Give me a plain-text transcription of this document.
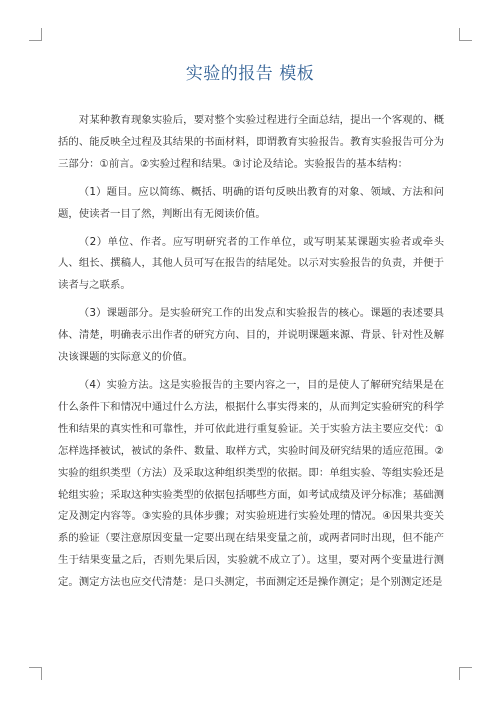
实验的报告 模板

对某种教育现象实验后，要对整个实验过程进行全面总结，提出一个客观的、概括的、能反映全过程及其结果的书面材料，即谓教育实验报告。教育实验报告可分为三部分：①前言。②实验过程和结果。③讨论及结论。实验报告的基本结构：

（1）题目。应以简练、概括、明确的语句反映出教育的对象、领域、方法和问题，使读者一目了然，判断出有无阅读价值。

（2）单位、作者。应写明研究者的工作单位，或写明某某课题实验者或牵头人、组长、撰稿人，其他人员可写在报告的结尾处。以示对实验报告的负责，并便于读者与之联系。

（3）课题部分。是实验研究工作的出发点和实验报告的核心。课题的表述要具体、清楚，明确表示出作者的研究方向、目的，并说明课题来源、背景、针对性及解决该课题的实际意义的价值。

（4）实验方法。这是实验报告的主要内容之一，目的是使人了解研究结果是在什么条件下和情况中通过什么方法，根据什么事实得来的，从而判定实验研究的科学性和结果的真实性和可靠性，并可依此进行重复验证。关于实验方法主要应交代：①怎样选择被试，被试的条件、数量、取样方式，实验时间及研究结果的适应范围。②实验的组织类型（方法）及采取这种组织类型的依据。即：单组实验、等组实验还是轮组实验；采取这种实验类型的依据包括哪些方面，如考试成绩及评分标准；基础测定及测定内容等。③实验的具体步骤；对实验班进行实验处理的情况。④因果共变关系的验证（要注意原因变量一定要出现在结果变量之前，或两者同时出现，但不能产生于结果变量之后，否则先果后因，实验就不成立了）。这里，要对两个变量进行测定。测定方法也应交代清楚：是口头测定，书面测定还是操作测定；是个别测定还是
